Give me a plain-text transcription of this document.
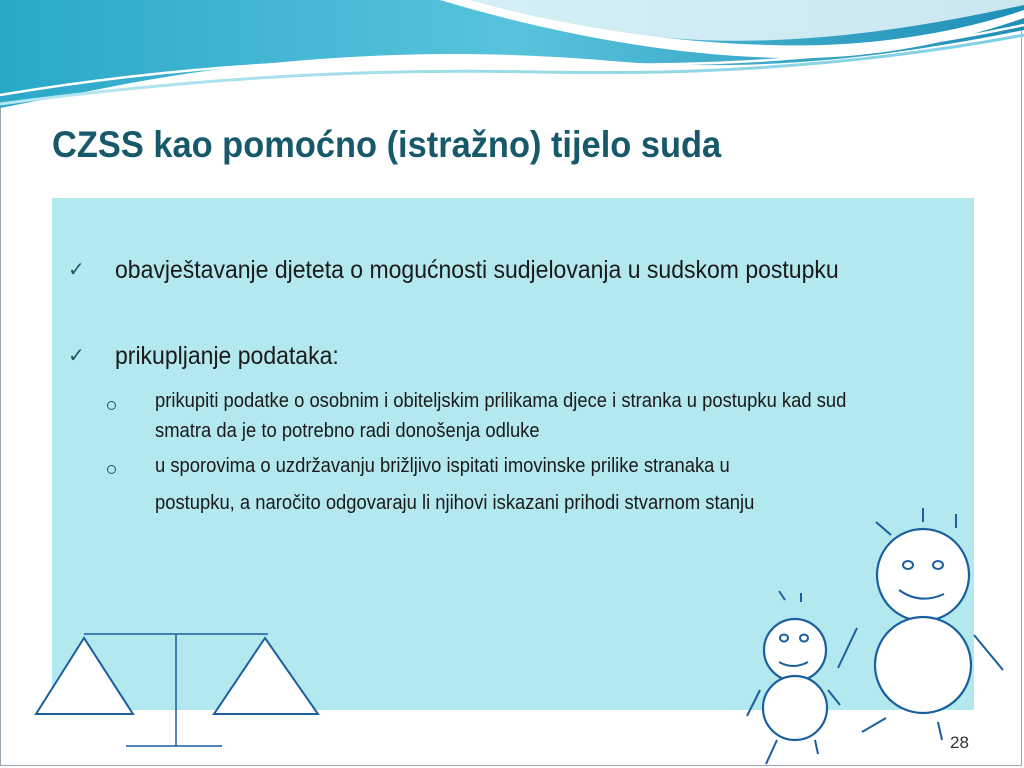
CZSS kao pomoćno (istražno) tijelo suda
✓ obavještavanje djeteta o mogućnosti sudjelovanja u sudskom postupku
✓ prikupljanje podataka:
prikupiti podatke o osobnim i obiteljskim prilikama djece i stranka u postupku kad sud
smatra da je to potrebno radi donošenja odluke
u sporovima o uzdržavanju brižljivo ispitati imovinske prilike stranaka u
postupku, a naročito odgovaraju li njihovi iskazani prihodi stvarnom stanju
28
